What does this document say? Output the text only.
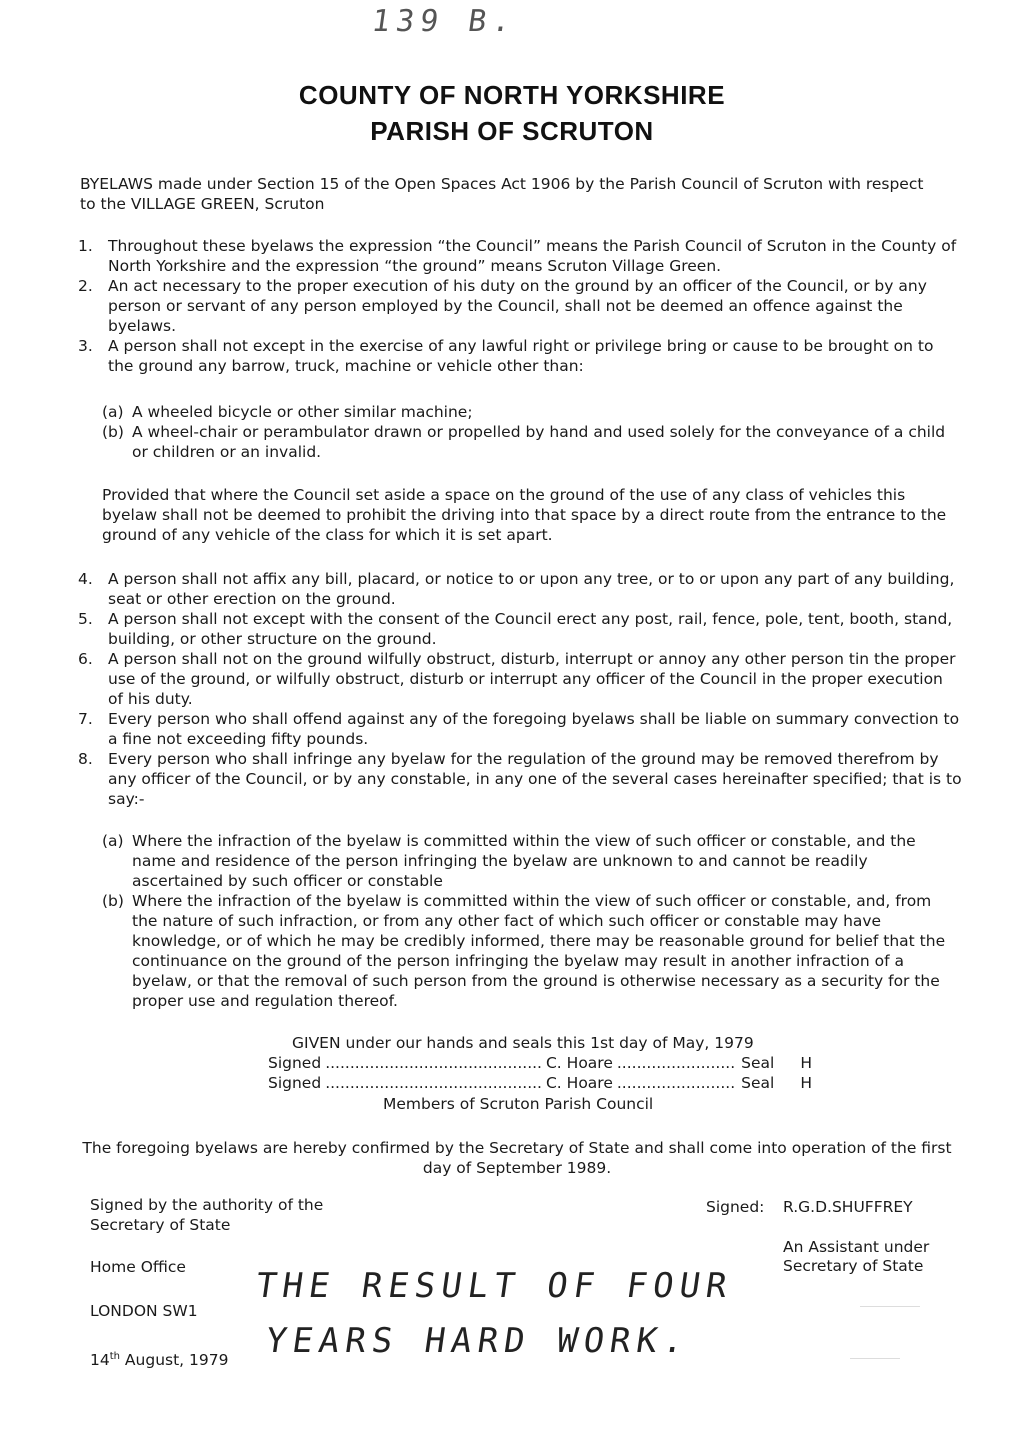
139 B.
COUNTY OF NORTH YORKSHIRE
PARISH OF SCRUTON
BYELAWS made under Section 15 of the Open Spaces Act 1906 by the Parish Council of Scruton with respect to the VILLAGE GREEN, Scruton
1. Throughout these byelaws the expression “the Council” means the Parish Council of Scruton in the County of North Yorkshire and the expression “the ground” means Scruton Village Green.
2. An act necessary to the proper execution of his duty on the ground by an officer of the Council, or by any person or servant of any person employed by the Council, shall not be deemed an offence against the byelaws.
3. A person shall not except in the exercise of any lawful right or privilege bring or cause to be brought on to the ground any barrow, truck, machine or vehicle other than:
(a) A wheeled bicycle or other similar machine;
(b) A wheel-chair or perambulator drawn or propelled by hand and used solely for the conveyance of a child or children or an invalid.
Provided that where the Council set aside a space on the ground of the use of any class of vehicles this byelaw shall not be deemed to prohibit the driving into that space by a direct route from the entrance to the ground of any vehicle of the class for which it is set apart.
4. A person shall not affix any bill, placard, or notice to or upon any tree, or to or upon any part of any building, seat or other erection on the ground.
5. A person shall not except with the consent of the Council erect any post, rail, fence, pole, tent, booth, stand, building, or other structure on the ground.
6. A person shall not on the ground wilfully obstruct, disturb, interrupt or annoy any other person tin the proper use of the ground, or wilfully obstruct, disturb or interrupt any officer of the Council in the proper execution of his duty.
7. Every person who shall offend against any of the foregoing byelaws shall be liable on summary convection to a fine not exceeding fifty pounds.
8. Every person who shall infringe any byelaw for the regulation of the ground may be removed therefrom by any officer of the Council, or by any constable, in any one of the several cases hereinafter specified; that is to say:-
(a) Where the infraction of the byelaw is committed within the view of such officer or constable, and the name and residence of the person infringing the byelaw are unknown to and cannot be readily ascertained by such officer or constable
(b) Where the infraction of the byelaw is committed within the view of such officer or constable, and, from the nature of such infraction, or from any other fact of which such officer or constable may have knowledge, or of which he may be credibly informed, there may be reasonable ground for belief that the continuance on the ground of the person infringing the byelaw may result in another infraction of a byelaw, or that the removal of such person from the ground is otherwise necessary as a security for the proper use and regulation thereof.
GIVEN under our hands and seals this 1st day of May, 1979
Signed	............................................	C. Hoare	........................	Seal	H
Signed	............................................	C. Hoare	........................	Seal	H
Members of Scruton Parish Council
The foregoing byelaws are hereby confirmed by the Secretary of State and shall come into operation of the first day of September 1989.
Signed by the authority of the
Secretary of State
Home Office
LONDON SW1
14th August, 1979
Signed: R.G.D.SHUFFREY
An Assistant under
Secretary of State
THE RESULT OF FOUR
YEARS HARD WORK.
